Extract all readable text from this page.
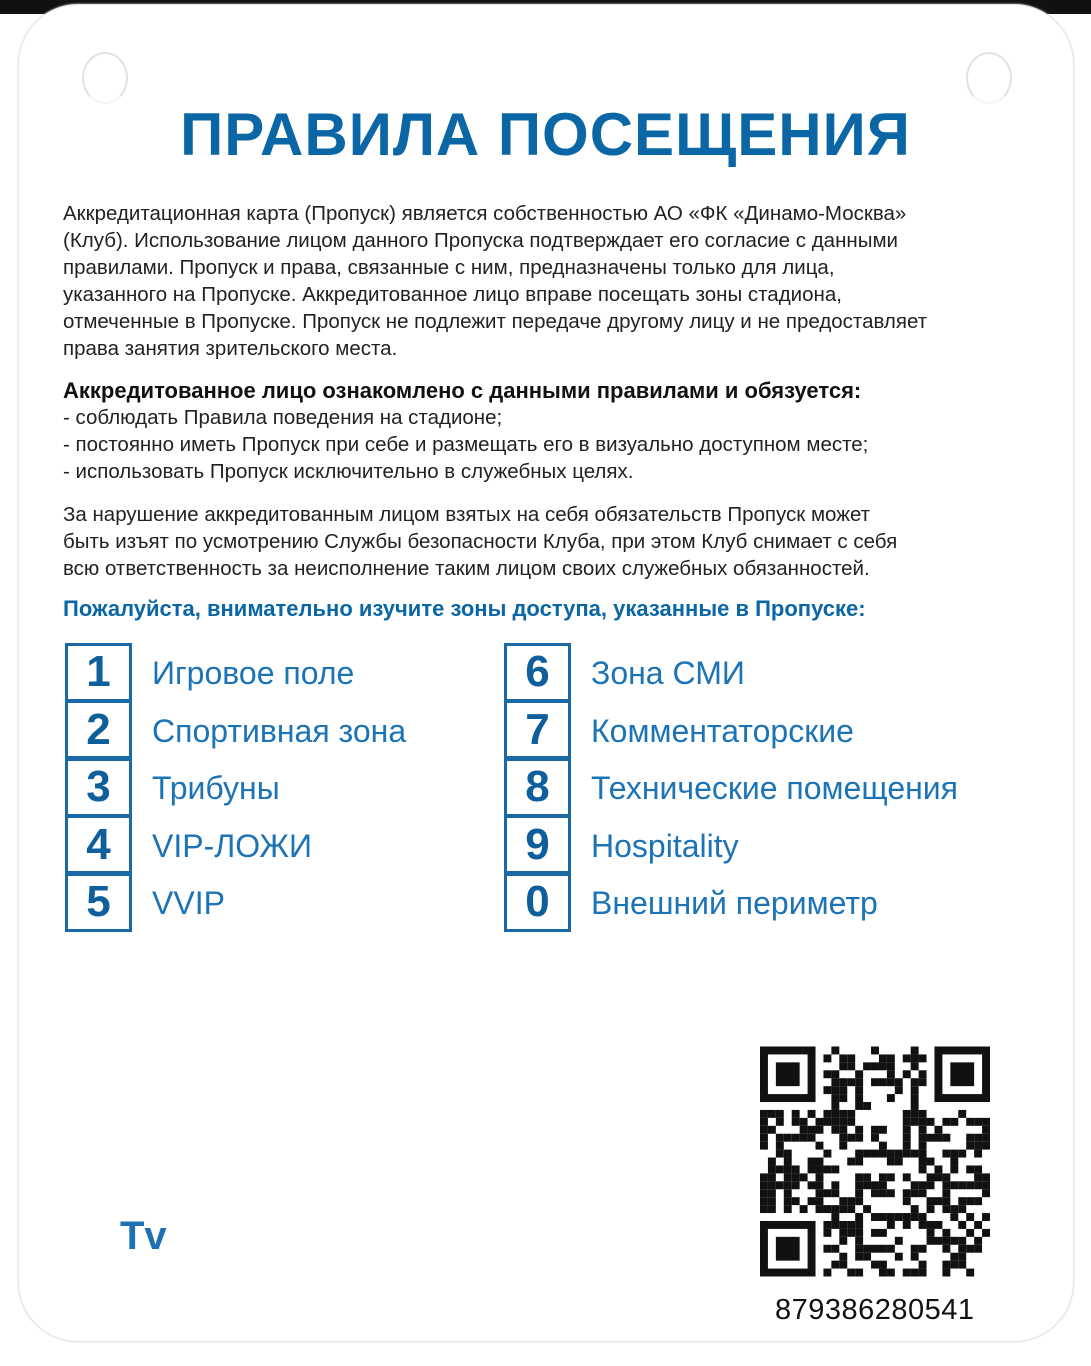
ПРАВИЛА ПОСЕЩЕНИЯ
Аккредитационная карта (Пропуск) является собственностью АО «ФК «Динамо-Москва»
(Клуб). Использование лицом данного Пропуска подтверждает его согласие с данными
правилами. Пропуск и права, связанные с ним, предназначены только для лица,
указанного на Пропуске. Аккредитованное лицо вправе посещать зоны стадиона,
отмеченные в Пропуске. Пропуск не подлежит передаче другому лицу и не предоставляет
права занятия зрительского места.
Аккредитованное лицо ознакомлено с данными правилами и обязуется:
- соблюдать Правила поведения на стадионе;
- постоянно иметь Пропуск при себе и размещать его в визуально доступном месте;
- использовать Пропуск исключительно в служебных целях.
За нарушение аккредитованным лицом взятых на себя обязательств Пропуск может
быть изъят по усмотрению Службы безопасности Клуба, при этом Клуб снимает с себя
всю ответственность за неисполнение таким лицом своих служебных обязанностей.
Пожалуйста, внимательно изучите зоны доступа, указанные в Пропуске:
1	Игровое поле
2	Спортивная зона
3	Трибуны
4	VIP-ЛОЖИ
5	VVIP
6	Зона СМИ
7	Комментаторские
8	Технические помещения
9	Hospitality
0	Внешний периметр
Tv
879386280541
